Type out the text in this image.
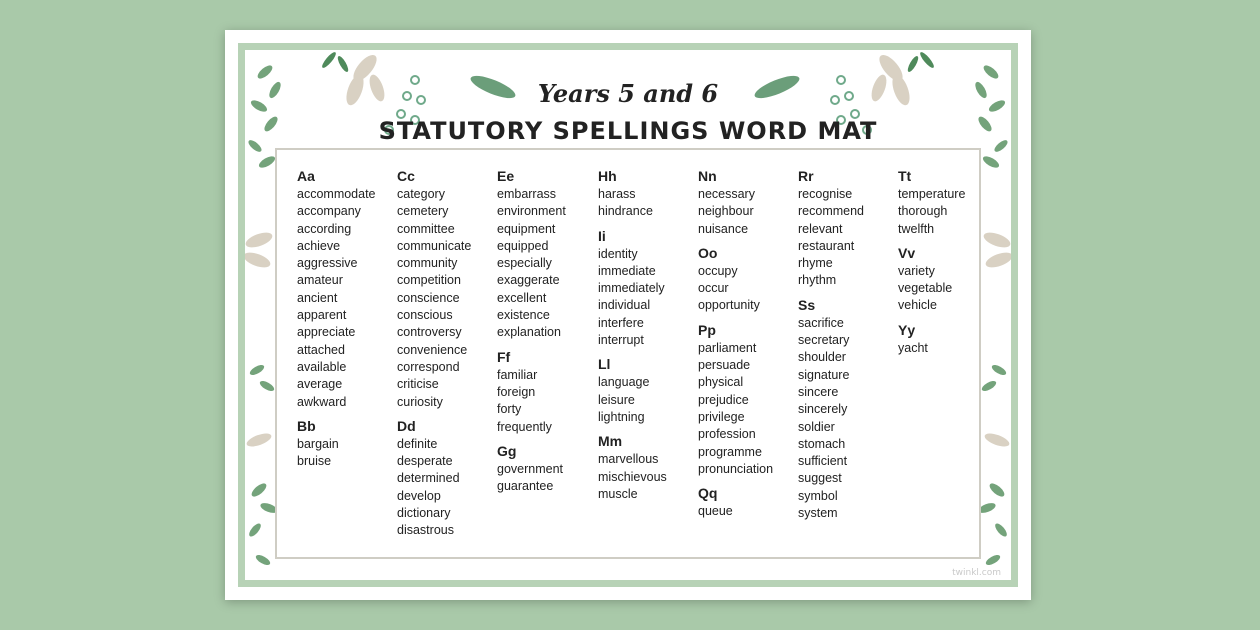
Years 5 and 6
STATUTORY SPELLINGS WORD MAT
Aa
accommodate
accompany
according
achieve
aggressive
amateur
ancient
apparent
appreciate
attached
available
average
awkward
Bb
bargain
bruise
Cc
category
cemetery
committee
communicate
community
competition
conscience
conscious
controversy
convenience
correspond
criticise
curiosity
Dd
definite
desperate
determined
develop
dictionary
disastrous
Ee
embarrass
environment
equipment
equipped
especially
exaggerate
excellent
existence
explanation
Ff
familiar
foreign
forty
frequently
Gg
government
guarantee
Hh
harass
hindrance
Ii
identity
immediate
immediately
individual
interfere
interrupt
Ll
language
leisure
lightning
Mm
marvellous
mischievous
muscle
Nn
necessary
neighbour
nuisance
Oo
occupy
occur
opportunity
Pp
parliament
persuade
physical
prejudice
privilege
profession
programme
pronunciation
Qq
queue
Rr
recognise
recommend
relevant
restaurant
rhyme
rhythm
Ss
sacrifice
secretary
shoulder
signature
sincere
sincerely
soldier
stomach
sufficient
suggest
symbol
system
Tt
temperature
thorough
twelfth
Vv
variety
vegetable
vehicle
Yy
yacht
twinkl.com
